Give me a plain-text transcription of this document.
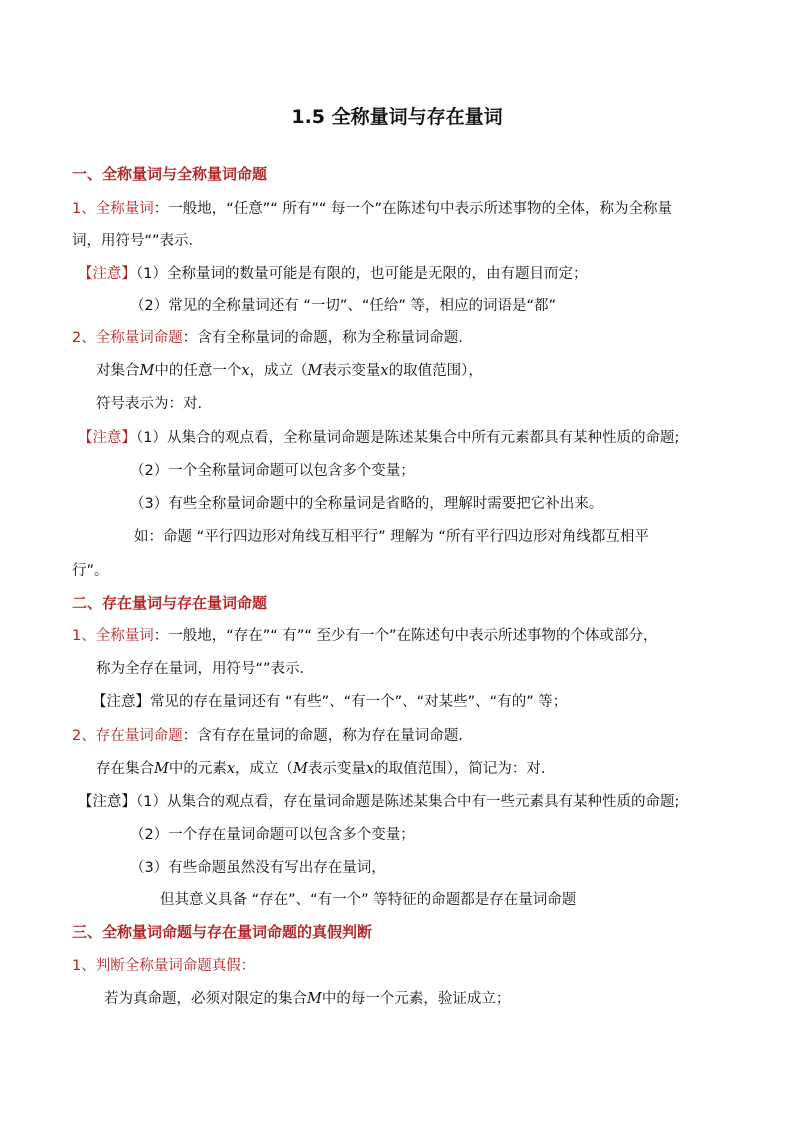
1.5 全称量词与存在量词
一、全称量词与全称量词命题
1、全称量词：一般地，“任意”“ 所有”“ 每一个”在陈述句中表示所述事物的全体，称为全称量
词，用符号“”表示．
【注意】（1）全称量词的数量可能是有限的，也可能是无限的，由有题目而定；
（2）常见的全称量词还有 “一切”、“任给” 等，相应的词语是“都”
2、全称量词命题：含有全称量词的命题，称为全称量词命题．
对集合M中的任意一个x，成立（M表示变量x的取值范围），
符号表示为：对．
【注意】（1）从集合的观点看，全称量词命题是陈述某集合中所有元素都具有某种性质的命题;
（2）一个全称量词命题可以包含多个变量；
（3）有些全称量词命题中的全称量词是省略的，理解时需要把它补出来。
如：命题 “平行四边形对角线互相平行” 理解为 “所有平行四边形对角线都互相平
行”。
二、存在量词与存在量词命题
1、全称量词：一般地，“存在”“ 有”“ 至少有一个”在陈述句中表示所述事物的个体或部分，
称为全存在量词，用符号“”表示．
【注意】常见的存在量词还有 “有些”、“有一个”、“对某些”、“有的” 等；
2、存在量词命题：含有存在量词的命题，称为存在量词命题．
存在集合M中的元素x，成立（M表示变量x的取值范围），简记为：对．
【注意】（1）从集合的观点看，存在量词命题是陈述某集合中有一些元素具有某种性质的命题;
（2）一个存在量词命题可以包含多个变量；
（3）有些命题虽然没有写出存在量词，
但其意义具备 “存在”、“有一个” 等特征的命题都是存在量词命题
三、全称量词命题与存在量词命题的真假判断
1、判断全称量词命题真假：
若为真命题，必须对限定的集合M中的每一个元素，验证成立；
